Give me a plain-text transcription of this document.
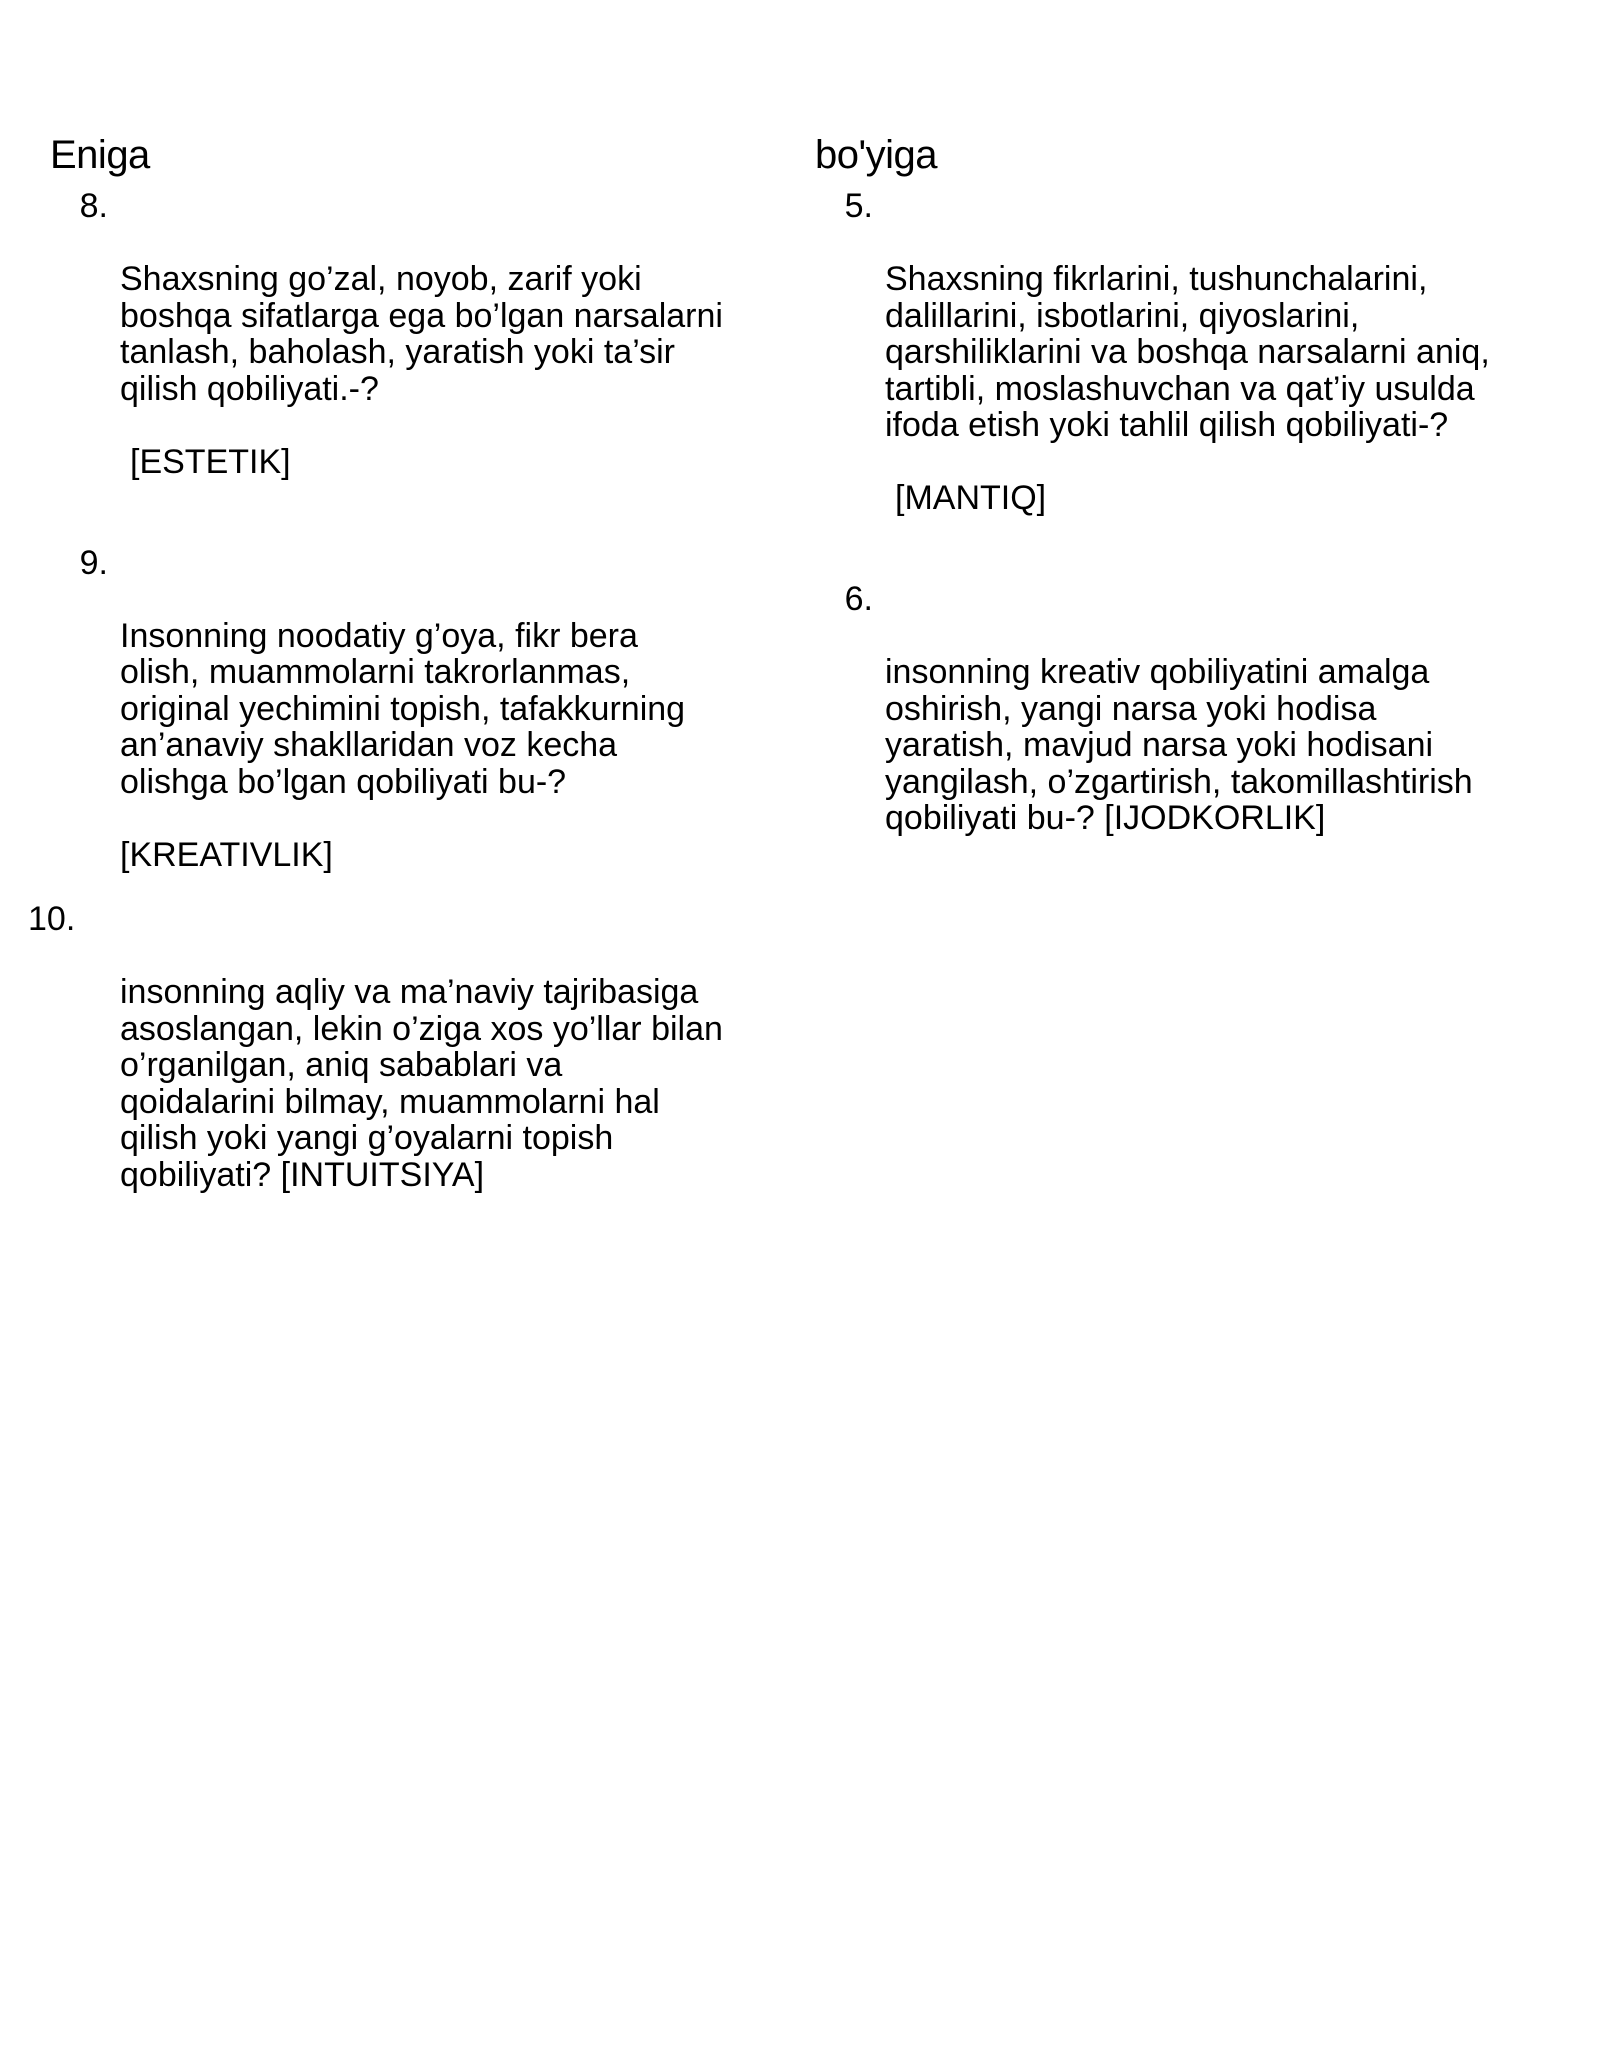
Eniga

8.

Shaxsning go’zal, noyob, zarif yoki
boshqa sifatlarga ega bo’lgan narsalarni
tanlash, baholash, yaratish yoki ta’sir
qilish qobiliyati.-?

[ESTETIK]

9.

Insonning noodatiy g’oya, fikr bera
olish, muammolarni takrorlanmas,
original yechimini topish, tafakkurning
an’anaviy shakllaridan voz kecha
olishga bo’lgan qobiliyati bu-?

[KREATIVLIK]

10.

insonning aqliy va ma’naviy tajribasiga
asoslangan, lekin o’ziga xos yo’llar bilan
o’rganilgan, aniq sabablari va
qoidalarini bilmay, muammolarni hal
qilish yoki yangi g’oyalarni topish
qobiliyati? [INTUITSIYA]

bo'yiga

5.

Shaxsning fikrlarini, tushunchalarini,
dalillarini, isbotlarini, qiyoslarini,
qarshiliklarini va boshqa narsalarni aniq,
tartibli, moslashuvchan va qat’iy usulda
ifoda etish yoki tahlil qilish qobiliyati-?

[MANTIQ]

6.

insonning kreativ qobiliyatini amalga
oshirish, yangi narsa yoki hodisa
yaratish, mavjud narsa yoki hodisani
yangilash, o’zgartirish, takomillashtirish
qobiliyati bu-? [IJODKORLIK]
